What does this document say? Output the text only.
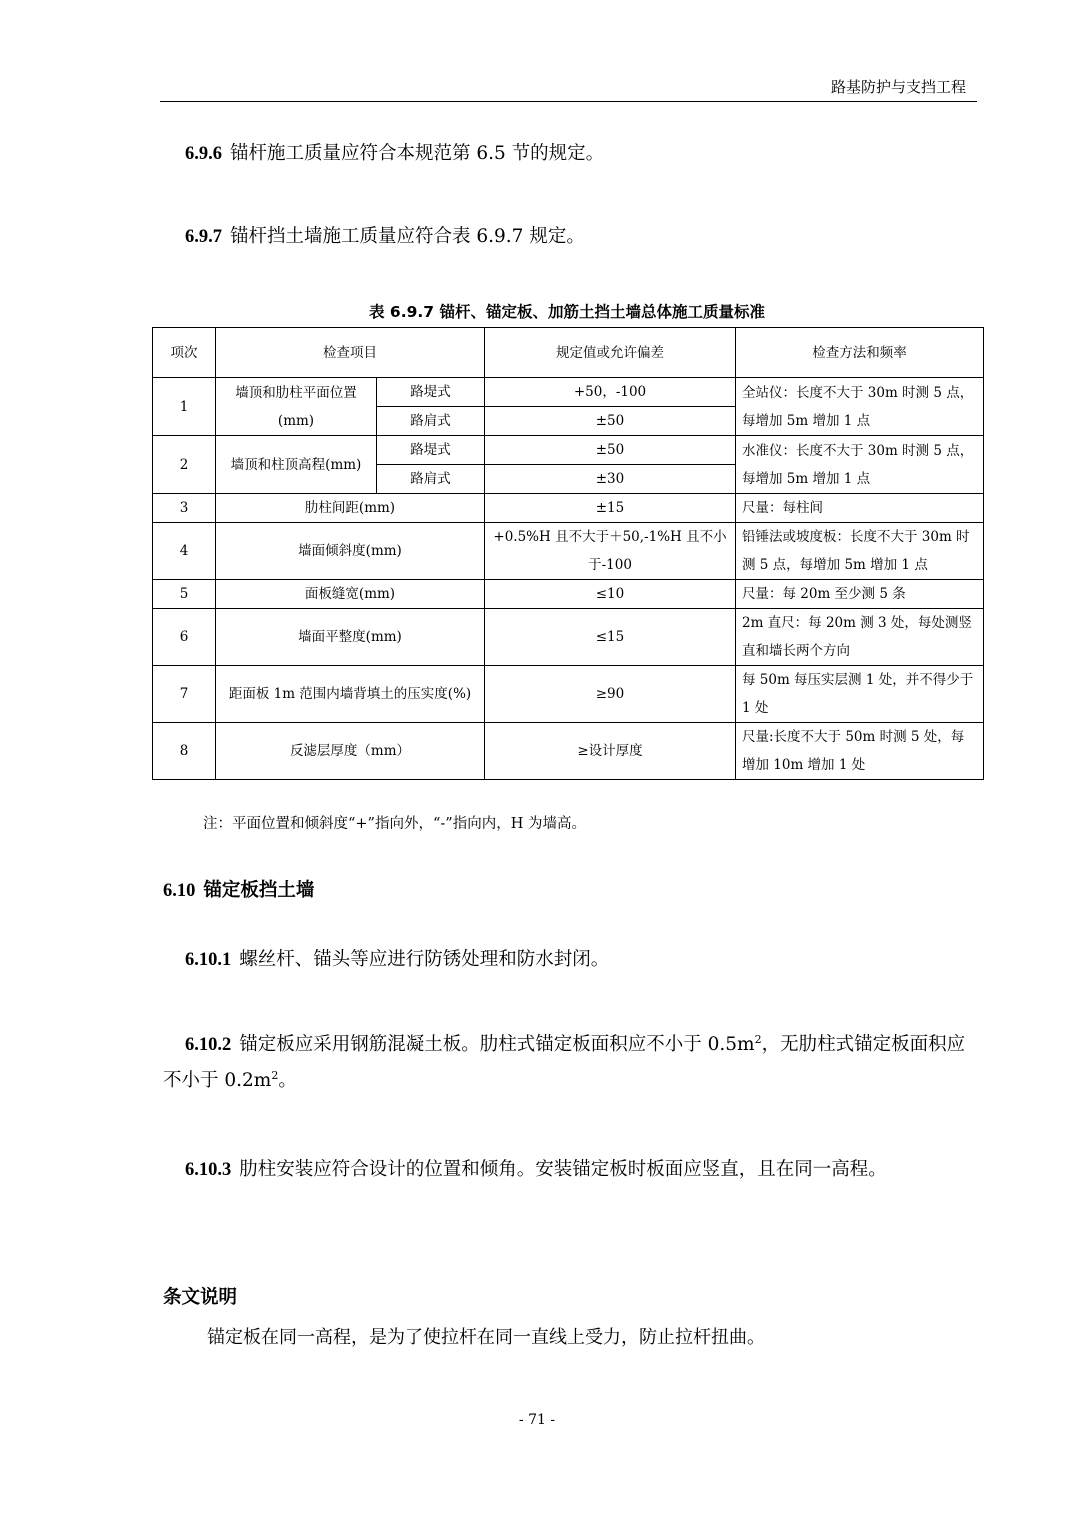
路基防护与支挡工程
6.9.6 锚杆施工质量应符合本规范第 6.5 节的规定。
6.9.7 锚杆挡土墙施工质量应符合表 6.9.7 规定。
表 6.9.7 锚杆、锚定板、加筋土挡土墙总体施工质量标准
项次	检查项目		规定值或允许偏差	检查方法和频率
1	墙顶和肋柱平面位置(mm)	路堤式	+50，-100	全站仪：长度不大于 30m 时测 5 点，每增加 5m 增加 1 点
		路肩式	±50	
2	墙顶和柱顶高程(mm)	路堤式	±50	水准仪：长度不大于 30m 时测 5 点，每增加 5m 增加 1 点
		路肩式	±30	
3	肋柱间距(mm)		±15	尺量：每柱间
4	墙面倾斜度(mm)		+0.5%H 且不大于＋50,-1%H 且不小于-100	铅锤法或坡度板：长度不大于 30m 时测 5 点，每增加 5m 增加 1 点
5	面板缝宽(mm)		≤10	尺量：每 20m 至少测 5 条
6	墙面平整度(mm)		≤15	2m 直尺：每 20m 测 3 处，每处测竖直和墙长两个方向
7	距面板 1m 范围内墙背填土的压实度(%)		≥90	每 50m 每压实层测 1 处，并不得少于 1 处
8	反滤层厚度（mm）		≥设计厚度	尺量:长度不大于 50m 时测 5 处，每增加 10m 增加 1 处
注：平面位置和倾斜度“+”指向外，“-”指向内，H 为墙高。
6.10 锚定板挡土墙
6.10.1 螺丝杆、锚头等应进行防锈处理和防水封闭。
6.10.2 锚定板应采用钢筋混凝土板。肋柱式锚定板面积应不小于 $0.5m^2$，无肋柱式锚定板面积应不小于 $0.2m^2$。
6.10.3 肋柱安装应符合设计的位置和倾角。安装锚定板时板面应竖直，且在同一高程。
条文说明
锚定板在同一高程，是为了使拉杆在同一直线上受力，防止拉杆扭曲。
- 71 -
